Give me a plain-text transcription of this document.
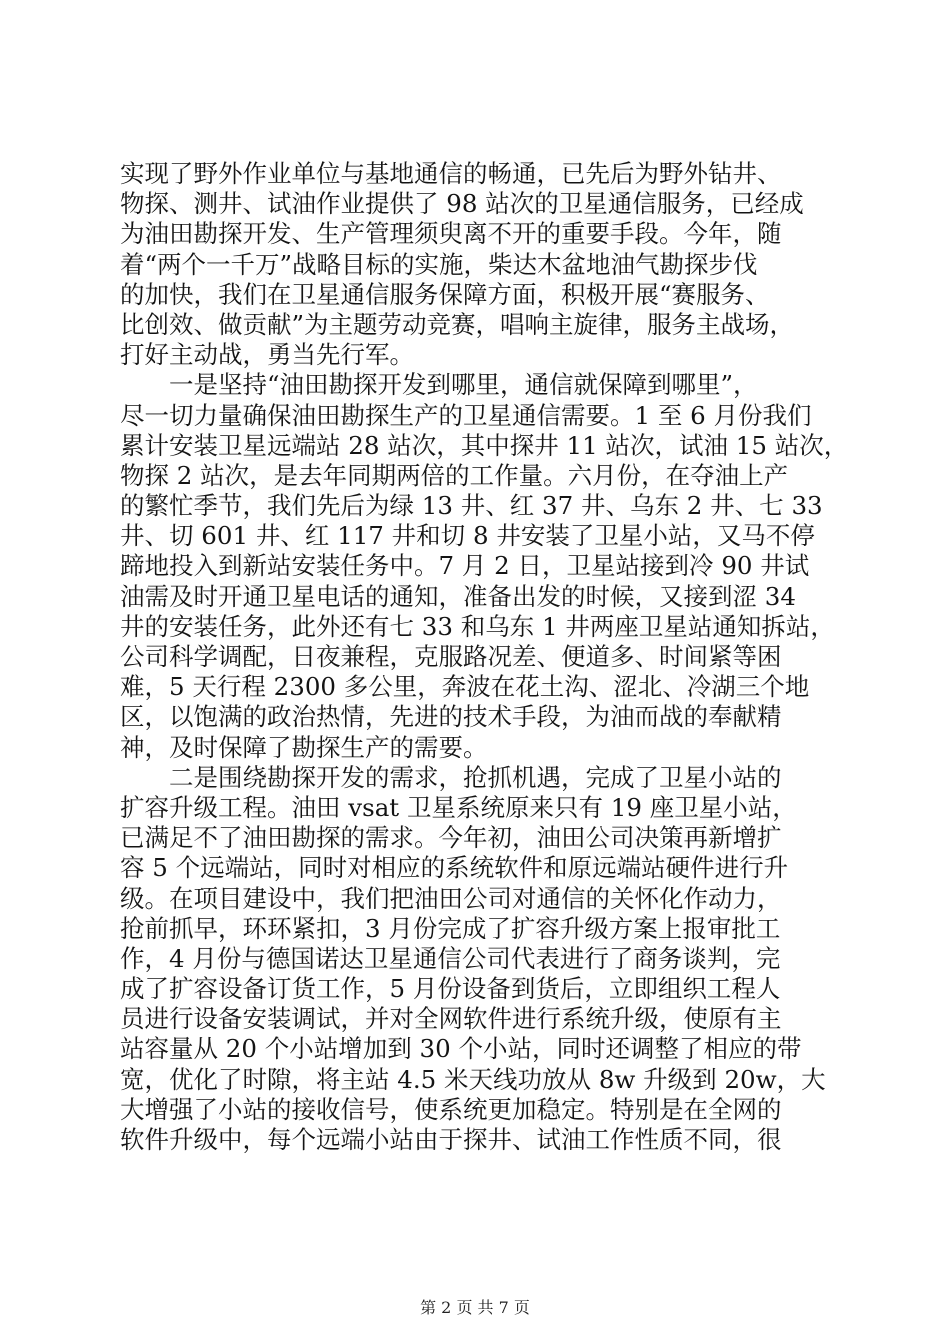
实现了野外作业单位与基地通信的畅通，已先后为野外钻井、
物探、测井、试油作业提供了 98 站次的卫星通信服务，已经成
为油田勘探开发、生产管理须臾离不开的重要手段。今年，随
着“两个一千万”战略目标的实施，柴达木盆地油气勘探步伐
的加快，我们在卫星通信服务保障方面，积极开展“赛服务、
比创效、做贡献”为主题劳动竞赛，唱响主旋律，服务主战场，
打好主动战，勇当先行军。
　　一是坚持“油田勘探开发到哪里，通信就保障到哪里”，
尽一切力量确保油田勘探生产的卫星通信需要。1 至 6 月份我们
累计安装卫星远端站 28 站次，其中探井 11 站次，试油 15 站次，
物探 2 站次，是去年同期两倍的工作量。六月份，在夺油上产
的繁忙季节，我们先后为绿 13 井、红 37 井、乌东 2 井、七 33
井、切 601 井、红 117 井和切 8 井安装了卫星小站，又马不停
蹄地投入到新站安装任务中。7 月 2 日，卫星站接到冷 90 井试
油需及时开通卫星电话的通知，准备出发的时候，又接到涩 34
井的安装任务，此外还有七 33 和乌东 1 井两座卫星站通知拆站，
公司科学调配，日夜兼程，克服路况差、便道多、时间紧等困
难，5 天行程 2300 多公里，奔波在花土沟、涩北、冷湖三个地
区，以饱满的政治热情，先进的技术手段，为油而战的奉献精
神，及时保障了勘探生产的需要。
　　二是围绕勘探开发的需求，抢抓机遇，完成了卫星小站的
扩容升级工程。油田 vsat 卫星系统原来只有 19 座卫星小站，
已满足不了油田勘探的需求。今年初，油田公司决策再新增扩
容 5 个远端站，同时对相应的系统软件和原远端站硬件进行升
级。在项目建设中，我们把油田公司对通信的关怀化作动力，
抢前抓早，环环紧扣，3 月份完成了扩容升级方案上报审批工
作，4 月份与德国诺达卫星通信公司代表进行了商务谈判，完
成了扩容设备订货工作，5 月份设备到货后，立即组织工程人
员进行设备安装调试，并对全网软件进行系统升级，使原有主
站容量从 20 个小站增加到 30 个小站，同时还调整了相应的带
宽，优化了时隙，将主站 4.5 米天线功放从 8w 升级到 20w，大
大增强了小站的接收信号，使系统更加稳定。特别是在全网的
软件升级中，每个远端小站由于探井、试油工作性质不同，很
第 2 页 共 7 页
